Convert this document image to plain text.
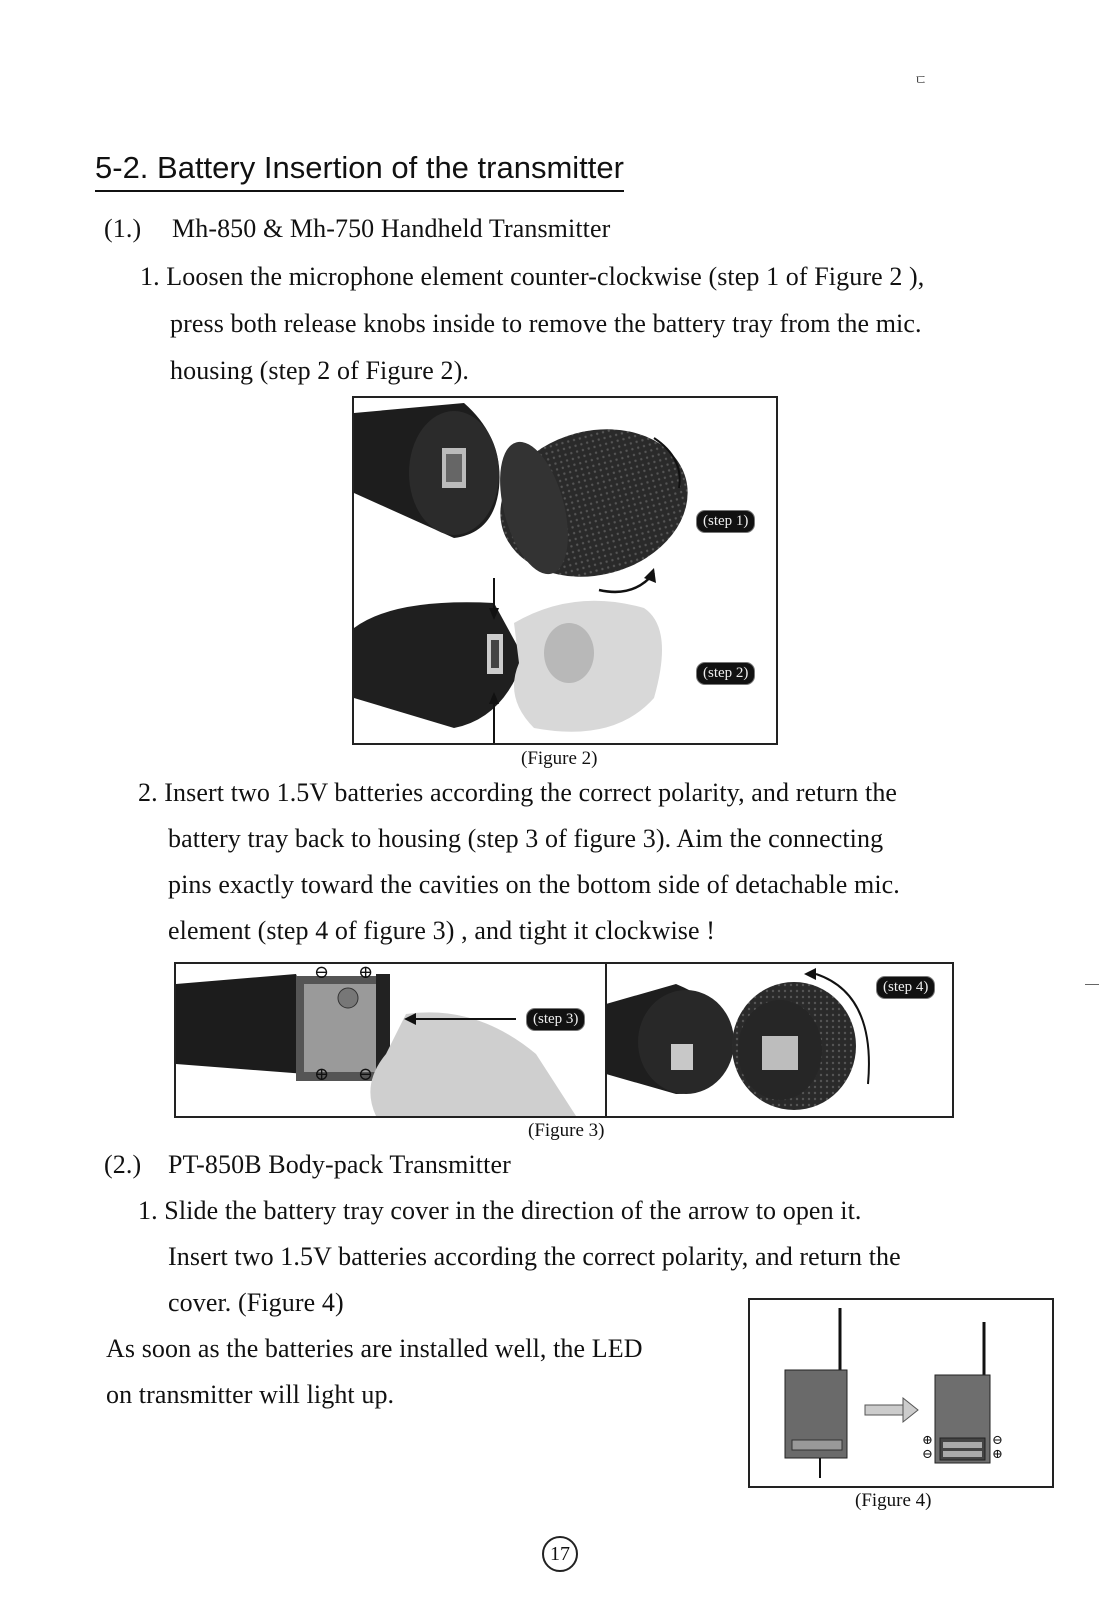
ㄷ
5-2. Battery Insertion of the transmitter
(1.) Mh-850 & Mh-750 Handheld Transmitter
1. Loosen the microphone element counter-clockwise (step 1 of Figure 2 ),
press both release knobs inside to remove the battery tray from the mic.
housing (step 2 of Figure 2).
(step 1)
(step 2)
(Figure 2)
2. Insert two 1.5V batteries according the correct polarity, and return the
battery tray back to housing (step 3 of figure 3). Aim the connecting
pins exactly toward the cavities on the bottom side of detachable mic.
element (step 4 of figure 3) , and tight it clockwise !
⊖ ⊕
⊕ ⊖
(step 3)
(step 4)
(Figure 3)
(2.) PT-850B Body-pack Transmitter
1. Slide the battery tray cover in the direction of the arrow to open it.
Insert two 1.5V batteries according the correct polarity, and return the
cover. (Figure 4)
As soon as the batteries are installed well, the LED
on transmitter will light up.
⊕
⊖
⊖
⊕
(Figure 4)
17
